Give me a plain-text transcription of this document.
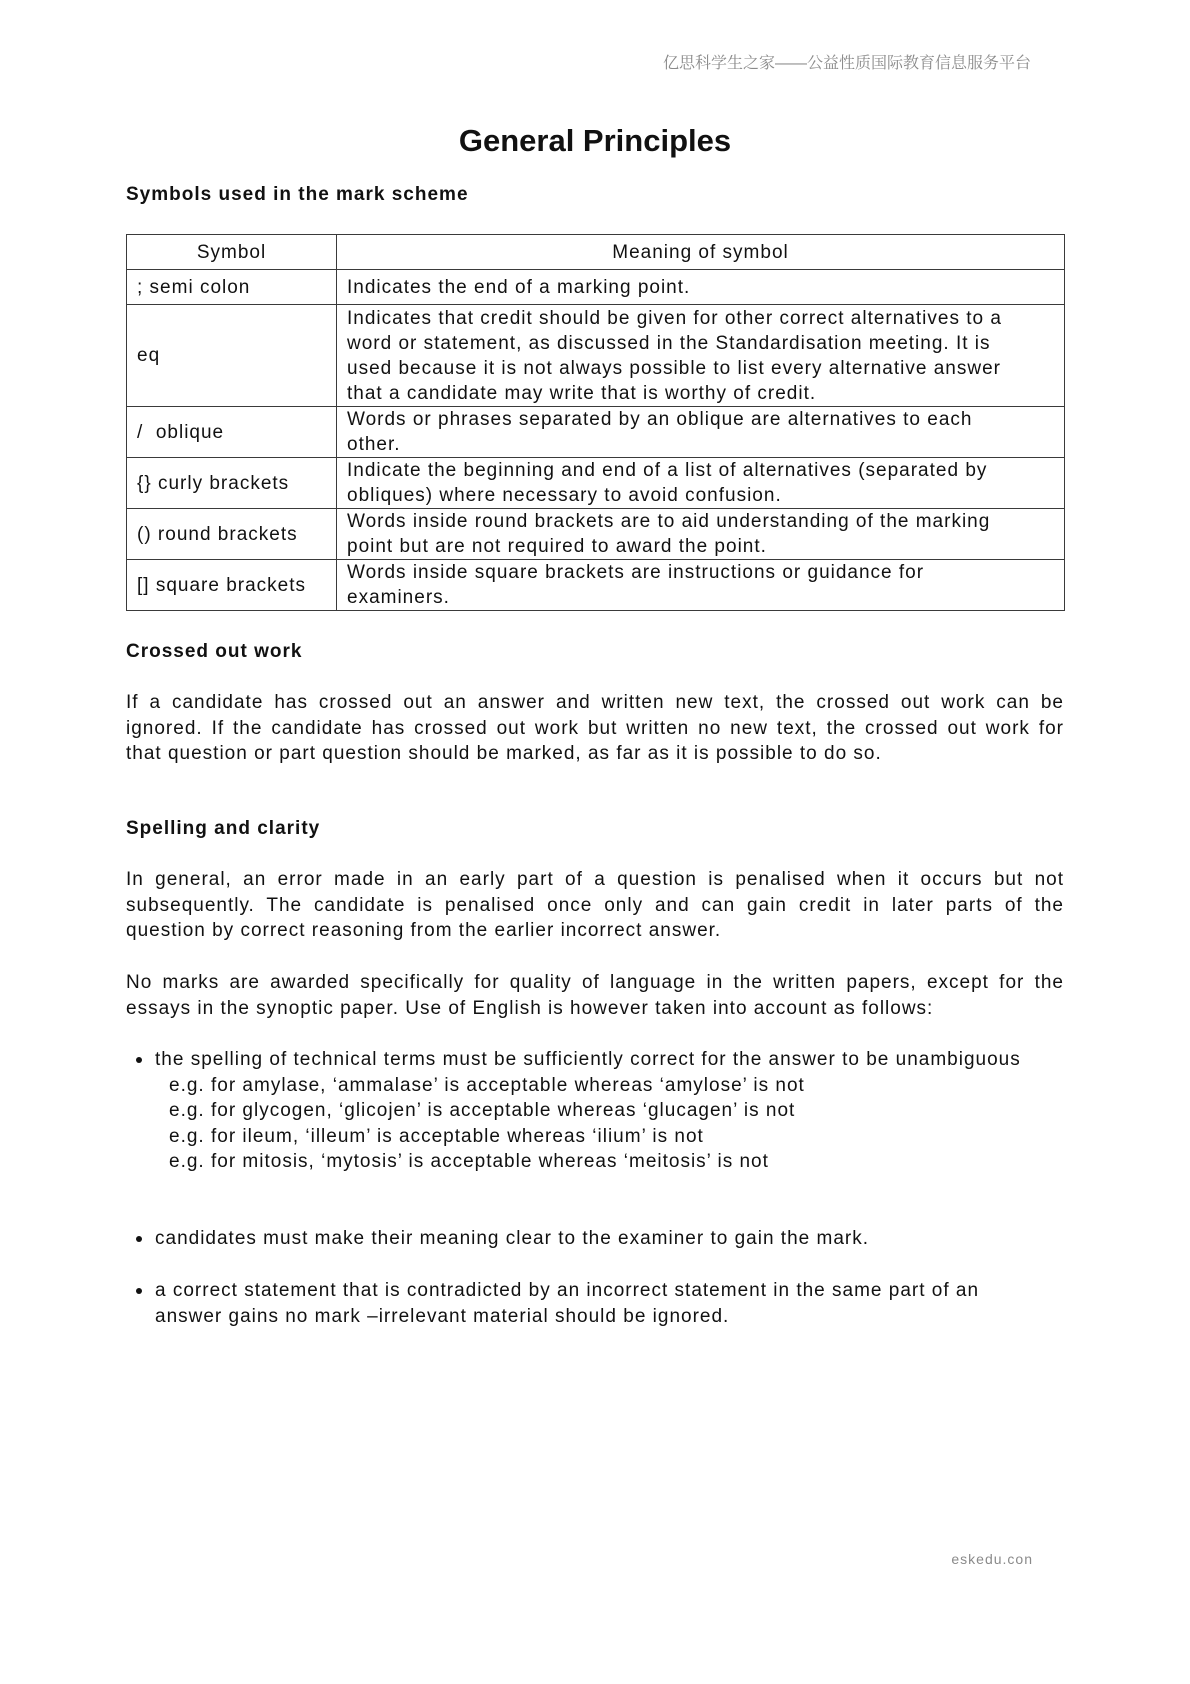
亿思科学生之家——公益性质国际教育信息服务平台
General Principles
Symbols used in the mark scheme
Symbol	Meaning of symbol
; semi colon	Indicates the end of a marking point.

eq	Indicates that credit should be given for other correct alternatives to a
word or statement, as discussed in the Standardisation meeting. It is
used because it is not always possible to list every alternative answer
that a candidate may write that is worthy of credit.

/  oblique	Words or phrases separated by an oblique are alternatives to each
other.

{} curly brackets	Indicate the beginning and end of a list of alternatives (separated by
obliques) where necessary to avoid confusion.

() round brackets	Words inside round brackets are to aid understanding of the marking
point but are not required to award the point.

[] square brackets	Words inside square brackets are instructions or guidance for
examiners.
Crossed out work
If a candidate has crossed out an answer and written new text, the crossed out work can be
ignored. If the candidate has crossed out work but written no new text, the crossed out work for
that question or part question should be marked, as far as it is possible to do so.
Spelling and clarity
In general, an error made in an early part of a question is penalised when it occurs but not
subsequently. The candidate is penalised once only and can gain credit in later parts of the
question by correct reasoning from the earlier incorrect answer.
No marks are awarded specifically for quality of language in the written papers, except for the
essays in the synoptic paper. Use of English is however taken into account as follows:
the spelling of technical terms must be sufficiently correct for the answer to be unambiguous
e.g. for amylase, ‘ammalase’ is acceptable whereas ‘amylose’ is not
e.g. for glycogen, ‘glicojen’ is acceptable whereas ‘glucagen’ is not
e.g. for ileum, ‘illeum’ is acceptable whereas ‘ilium’ is not
e.g. for mitosis, ‘mytosis’ is acceptable whereas ‘meitosis’ is not
candidates must make their meaning clear to the examiner to gain the mark.
a correct statement that is contradicted by an incorrect statement in the same part of an
answer gains no mark –irrelevant material should be ignored.
eskedu.con
